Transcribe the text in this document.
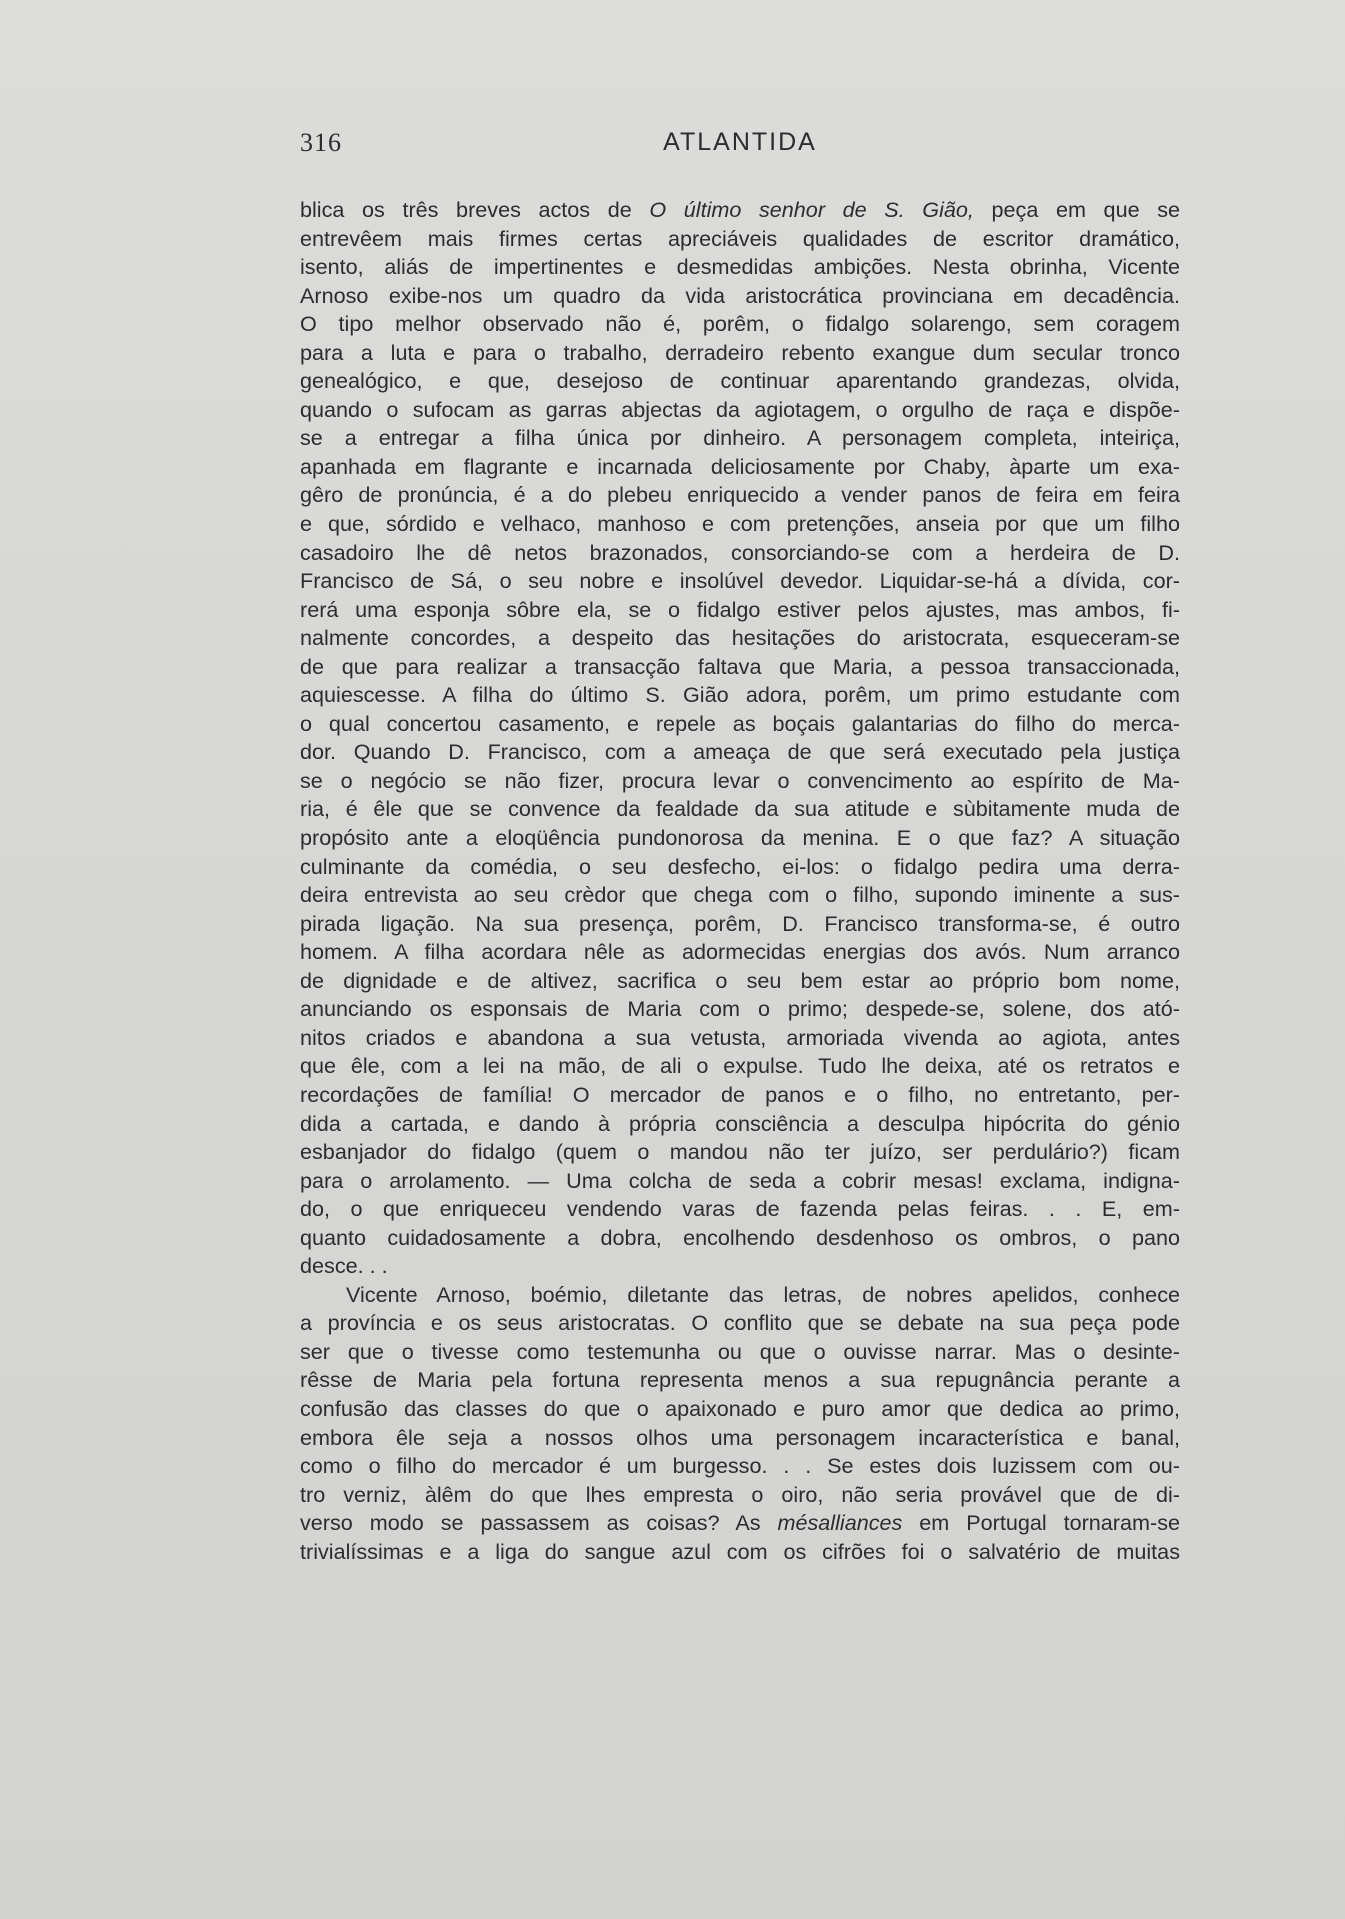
316	ATLANTIDA
blica os três breves actos de O último senhor de S. Gião, peça em que se
entrevêem mais firmes certas apreciáveis qualidades de escritor dramático,
isento, aliás de impertinentes e desmedidas ambições. Nesta obrinha, Vicente
Arnoso exibe-nos um quadro da vida aristocrática provinciana em decadência.
O tipo melhor observado não é, porêm, o fidalgo solarengo, sem coragem
para a luta e para o trabalho, derradeiro rebento exangue dum secular tronco
genealógico, e que, desejoso de continuar aparentando grandezas, olvida,
quando o sufocam as garras abjectas da agiotagem, o orgulho de raça e dispõe-
se a entregar a filha única por dinheiro. A personagem completa, inteiriça,
apanhada em flagrante e incarnada deliciosamente por Chaby, àparte um exa-
gêro de pronúncia, é a do plebeu enriquecido a vender panos de feira em feira
e que, sórdido e velhaco, manhoso e com pretenções, anseia por que um filho
casadoiro lhe dê netos brazonados, consorciando-se com a herdeira de D.
Francisco de Sá, o seu nobre e insolúvel devedor. Liquidar-se-há a dívida, cor-
rerá uma esponja sôbre ela, se o fidalgo estiver pelos ajustes, mas ambos, fi-
nalmente concordes, a despeito das hesitações do aristocrata, esqueceram-se
de que para realizar a transacção faltava que Maria, a pessoa transaccionada,
aquiescesse. A filha do último S. Gião adora, porêm, um primo estudante com
o qual concertou casamento, e repele as boçais galantarias do filho do merca-
dor. Quando D. Francisco, com a ameaça de que será executado pela justiça
se o negócio se não fizer, procura levar o convencimento ao espírito de Ma-
ria, é êle que se convence da fealdade da sua atitude e sùbitamente muda de
propósito ante a eloqüência pundonorosa da menina. E o que faz? A situação
culminante da comédia, o seu desfecho, ei-los: o fidalgo pedira uma derra-
deira entrevista ao seu crèdor que chega com o filho, supondo iminente a sus-
pirada ligação. Na sua presença, porêm, D. Francisco transforma-se, é outro
homem. A filha acordara nêle as adormecidas energias dos avós. Num arranco
de dignidade e de altivez, sacrifica o seu bem estar ao próprio bom nome,
anunciando os esponsais de Maria com o primo; despede-se, solene, dos ató-
nitos criados e abandona a sua vetusta, armoriada vivenda ao agiota, antes
que êle, com a lei na mão, de ali o expulse. Tudo lhe deixa, até os retratos e
recordações de família! O mercador de panos e o filho, no entretanto, per-
dida a cartada, e dando à própria consciência a desculpa hipócrita do génio
esbanjador do fidalgo (quem o mandou não ter juízo, ser perdulário?) ficam
para o arrolamento. — Uma colcha de seda a cobrir mesas! exclama, indigna-
do, o que enriqueceu vendendo varas de fazenda pelas feiras. . . E, em-
quanto cuidadosamente a dobra, encolhendo desdenhoso os ombros, o pano
desce. . .
Vicente Arnoso, boémio, diletante das letras, de nobres apelidos, conhece
a província e os seus aristocratas. O conflito que se debate na sua peça pode
ser que o tivesse como testemunha ou que o ouvisse narrar. Mas o desinte-
rêsse de Maria pela fortuna representa menos a sua repugnância perante a
confusão das classes do que o apaixonado e puro amor que dedica ao primo,
embora êle seja a nossos olhos uma personagem incaracterística e banal,
como o filho do mercador é um burgesso. . . Se estes dois luzissem com ou-
tro verniz, àlêm do que lhes empresta o oiro, não seria provável que de di-
verso modo se passassem as coisas? As mésalliances em Portugal tornaram-se
trivialíssimas e a liga do sangue azul com os cifrões foi o salvatério de muitas
